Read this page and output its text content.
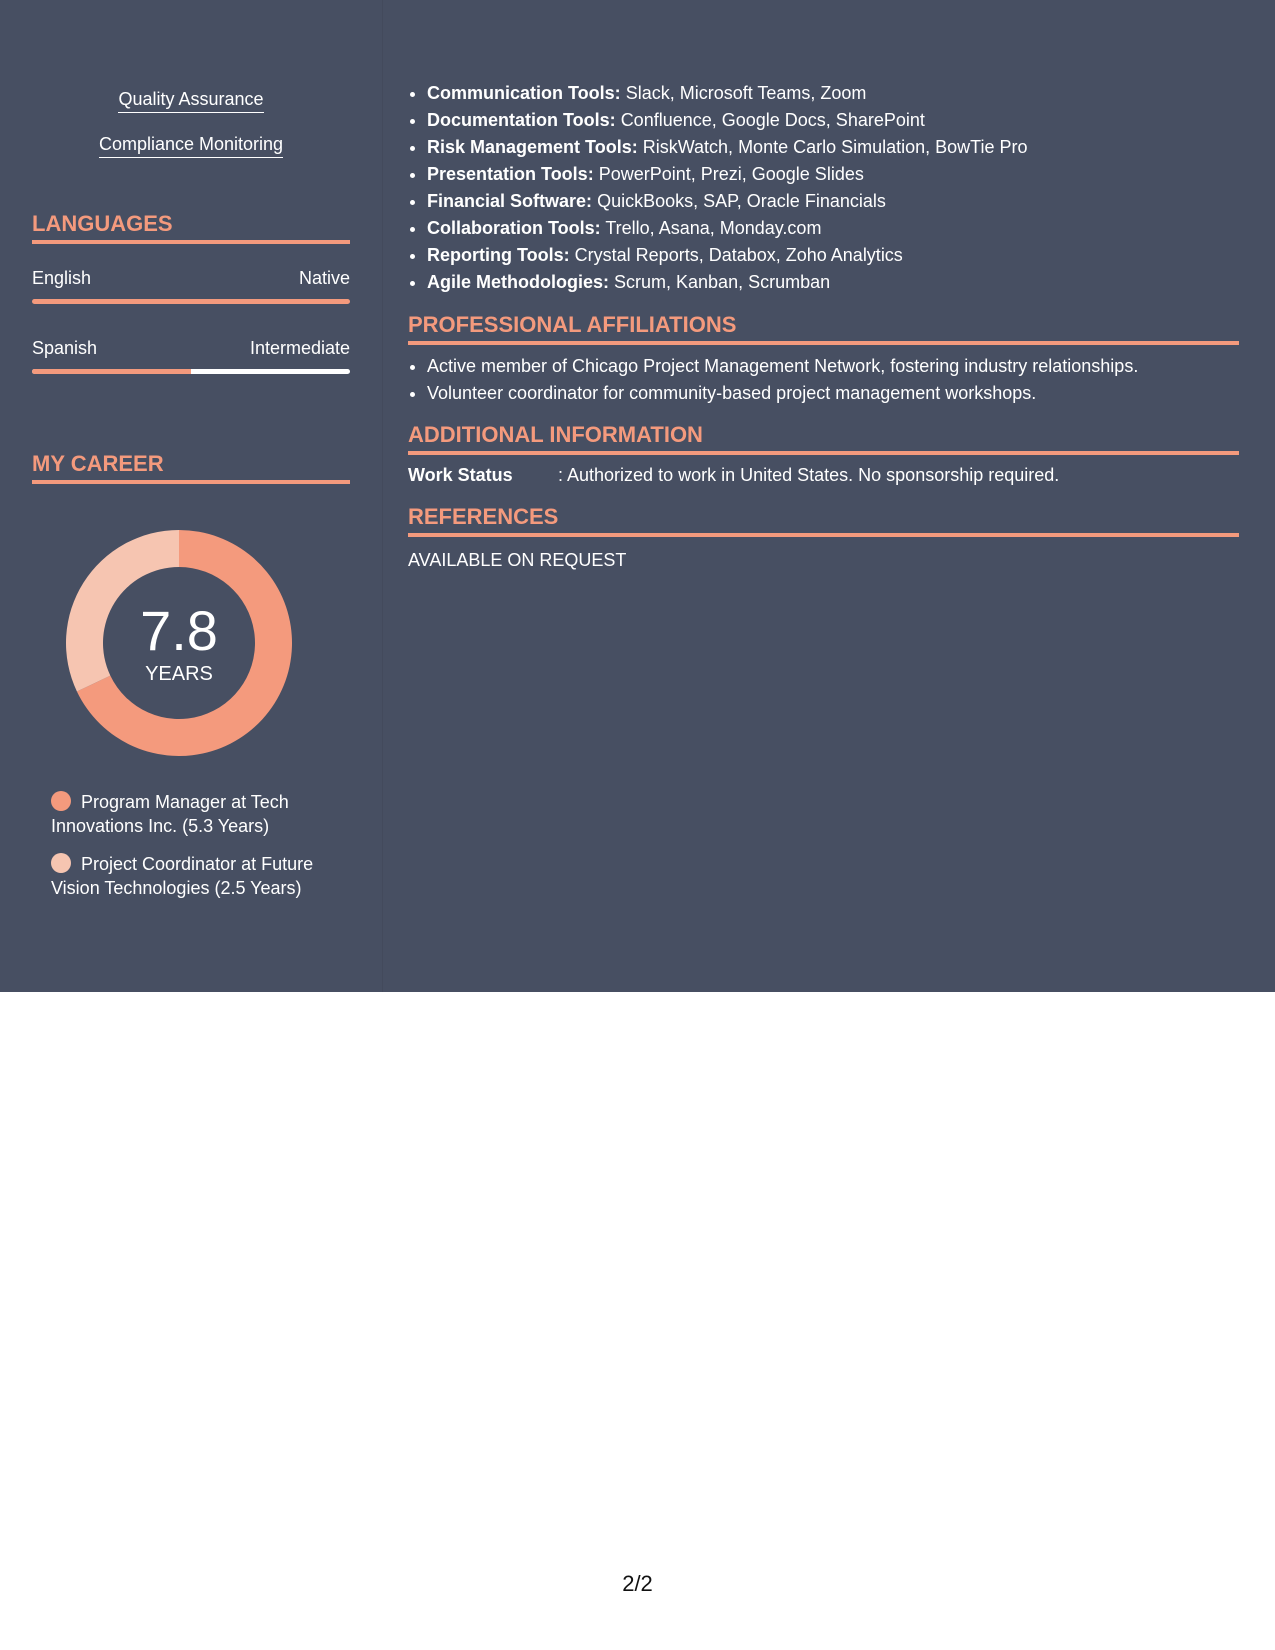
Quality Assurance
Compliance Monitoring
LANGUAGES
English	Native
Spanish	Intermediate
MY CAREER
7.8
YEARS
Program Manager at Tech Innovations Inc. (5.3 Years)
Project Coordinator at Future Vision Technologies (2.5 Years)
• Communication Tools: Slack, Microsoft Teams, Zoom
• Documentation Tools: Confluence, Google Docs, SharePoint
• Risk Management Tools: RiskWatch, Monte Carlo Simulation, BowTie Pro
• Presentation Tools: PowerPoint, Prezi, Google Slides
• Financial Software: QuickBooks, SAP, Oracle Financials
• Collaboration Tools: Trello, Asana, Monday.com
• Reporting Tools: Crystal Reports, Databox, Zoho Analytics
• Agile Methodologies: Scrum, Kanban, Scrumban
PROFESSIONAL AFFILIATIONS
• Active member of Chicago Project Management Network, fostering industry relationships.
• Volunteer coordinator for community-based project management workshops.
ADDITIONAL INFORMATION
Work Status	: Authorized to work in United States. No sponsorship required.
REFERENCES
AVAILABLE ON REQUEST
2/2
